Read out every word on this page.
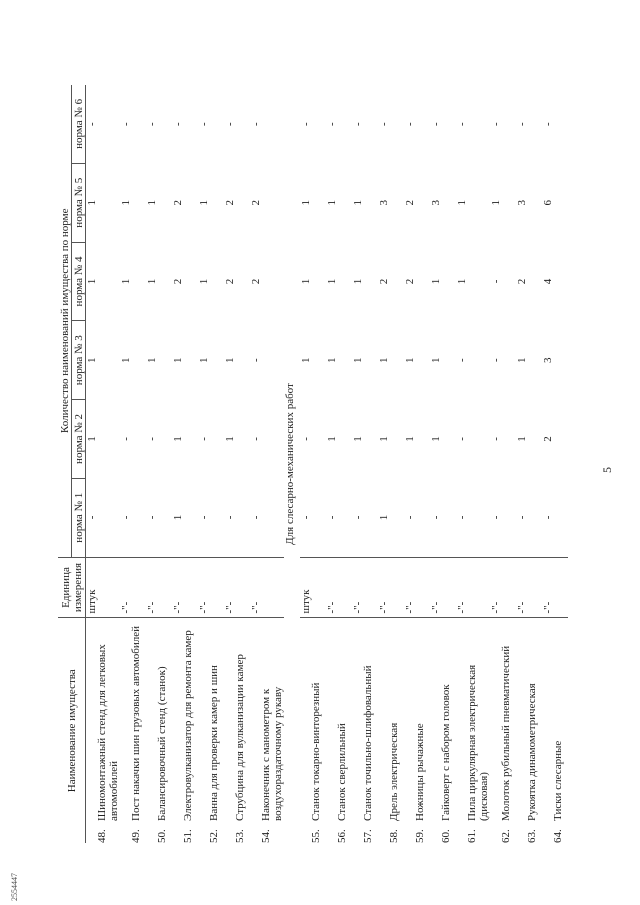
5
2554447
Наименование имущества	Единица измерения	Количество наименований имущества по норме					
		норма № 1	норма № 2	норма № 3	норма № 4	норма № 5	норма № 6

48.
Шиномонтажный стенд для легковых автомобилей	штук	-	1	1	1	1	-

49.
Пост накачки шин грузовых автомобилей	-"-	-	-	1	1	1	-

50.
Балансировочный стенд (станок)	-"-	-	-	1	1	1	-

51.
Электровулканизатор для ремонта камер	-"-	1	1	1	2	2	-

52.
Ванна для проверки камер и шин	-"-	-	-	1	1	1	-

53.
Струбцина для вулканизации камер	-"-	-	1	1	2	2	-

54.
Наконечник с манометром к воздухораздаточному рукаву	-"-	-	-	-	2	2	-
Для слесарно-механических работ							

55.
Станок токарно-винторезный	штук	-	-	1	1	1	-

56.
Станок сверлильный	-"-	-	1	1	1	1	-

57.
Станок точильно-шлифовальный	-"-	-	1	1	1	1	-

58.
Дрель электрическая	-"-	1	1	1	2	3	-

59.
Ножницы рычажные	-"-	-	1	1	2	2	-

60.
Гайковерт с набором головок	-"-	-	1	1	1	3	-

61.
Пила циркулярная электрическая (дисковая)	-"-	-	-	-	1	1	-

62.
Молоток рубильный пневматический	-"-	-	-	-	-	1	-

63.
Рукоятка динамометрическая	-"-	-	1	1	2	3	-

64.
Тиски слесарные	-"-	-	2	3	4	6	-
